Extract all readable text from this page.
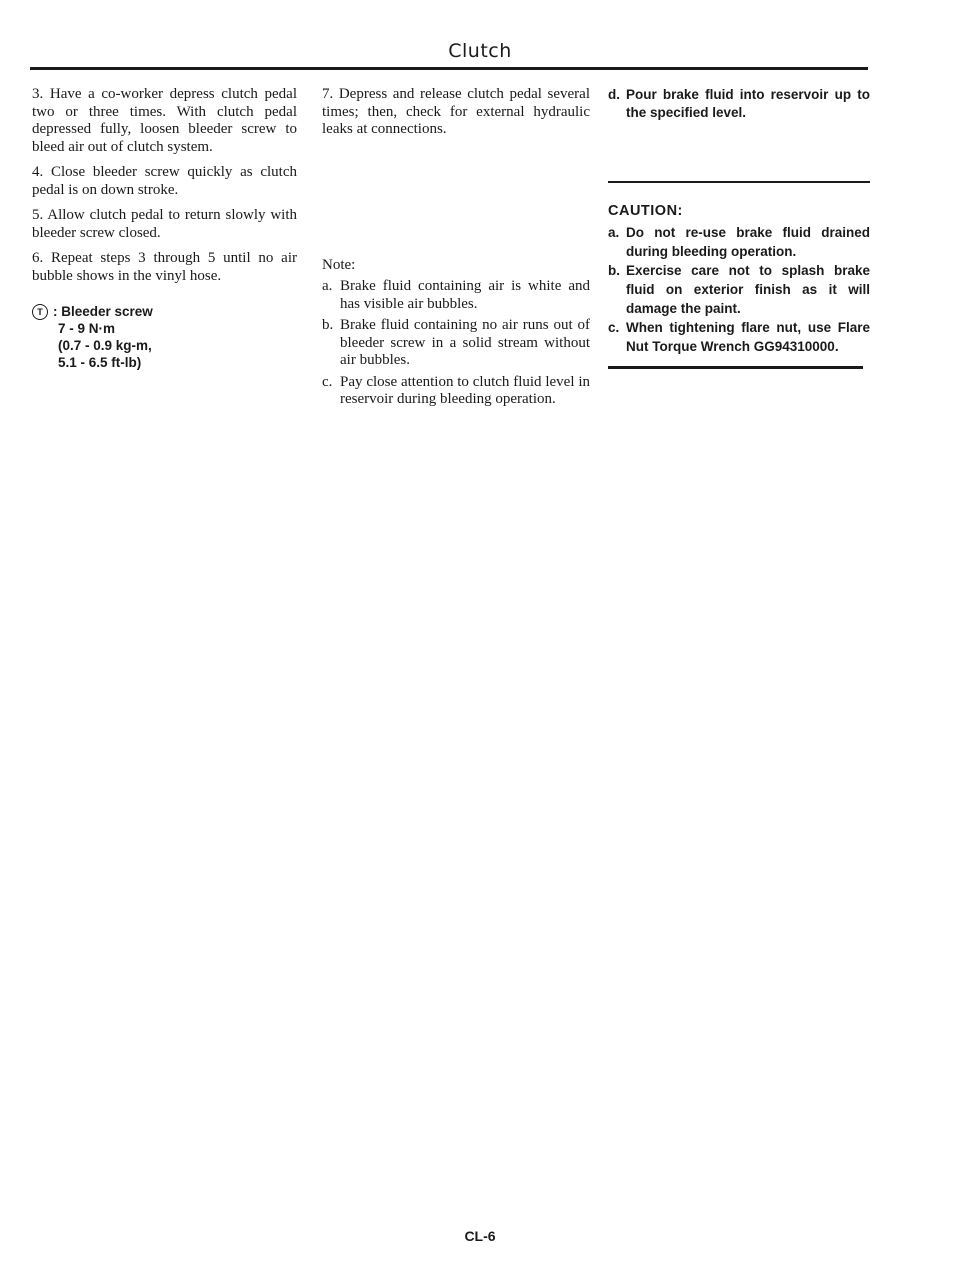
Clutch

3. Have a co-worker depress clutch pedal two or three times. With clutch pedal depressed fully, loosen bleeder screw to bleed air out of clutch system.

4. Close bleeder screw quickly as clutch pedal is on down stroke.

5. Allow clutch pedal to return slowly with bleeder screw closed.

6. Repeat steps 3 through 5 until no air bubble shows in the vinyl hose.

T : Bleeder screw
7 - 9 N·m
(0.7 - 0.9 kg-m,
5.1 - 6.5 ft-lb)

7. Depress and release clutch pedal several times; then, check for external hydraulic leaks at connections.

Note:
a. Brake fluid containing air is white and has visible air bubbles.
b. Brake fluid containing no air runs out of bleeder screw in a solid stream without air bubbles.
c. Pay close attention to clutch fluid level in reservoir during bleeding operation.
d. Pour brake fluid into reservoir up to the specified level.
CAUTION:
a. Do not re-use brake fluid drained during bleeding operation.
b. Exercise care not to splash brake fluid on exterior finish as it will damage the paint.
c. When tightening flare nut, use Flare Nut Torque Wrench GG94310000.
CL-6
